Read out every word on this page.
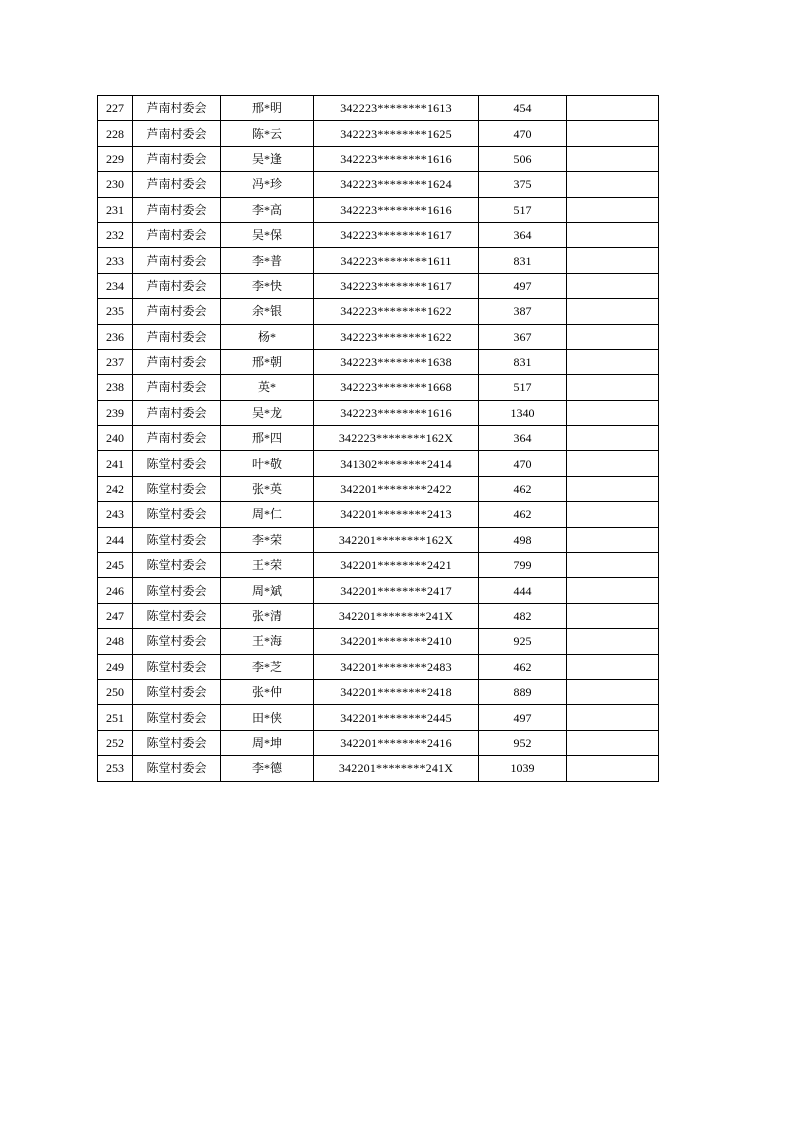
227	芦南村委会	邢*明	342223********1613	454	
228	芦南村委会	陈*云	342223********1625	470	
229	芦南村委会	吴*逢	342223********1616	506	
230	芦南村委会	冯*珍	342223********1624	375	
231	芦南村委会	李*高	342223********1616	517	
232	芦南村委会	吴*保	342223********1617	364	
233	芦南村委会	李*普	342223********1611	831	
234	芦南村委会	李*快	342223********1617	497	
235	芦南村委会	余*银	342223********1622	387	
236	芦南村委会	杨*	342223********1622	367	
237	芦南村委会	邢*朝	342223********1638	831	
238	芦南村委会	英*	342223********1668	517	
239	芦南村委会	吴*龙	342223********1616	1340	
240	芦南村委会	邢*四	342223********162X	364	
241	陈堂村委会	叶*敬	341302********2414	470	
242	陈堂村委会	张*英	342201********2422	462	
243	陈堂村委会	周*仁	342201********2413	462	
244	陈堂村委会	李*荣	342201********162X	498	
245	陈堂村委会	王*荣	342201********2421	799	
246	陈堂村委会	周*斌	342201********2417	444	
247	陈堂村委会	张*清	342201********241X	482	
248	陈堂村委会	王*海	342201********2410	925	
249	陈堂村委会	李*芝	342201********2483	462	
250	陈堂村委会	张*仲	342201********2418	889	
251	陈堂村委会	田*侠	342201********2445	497	
252	陈堂村委会	周*坤	342201********2416	952	
253	陈堂村委会	李*德	342201********241X	1039	
